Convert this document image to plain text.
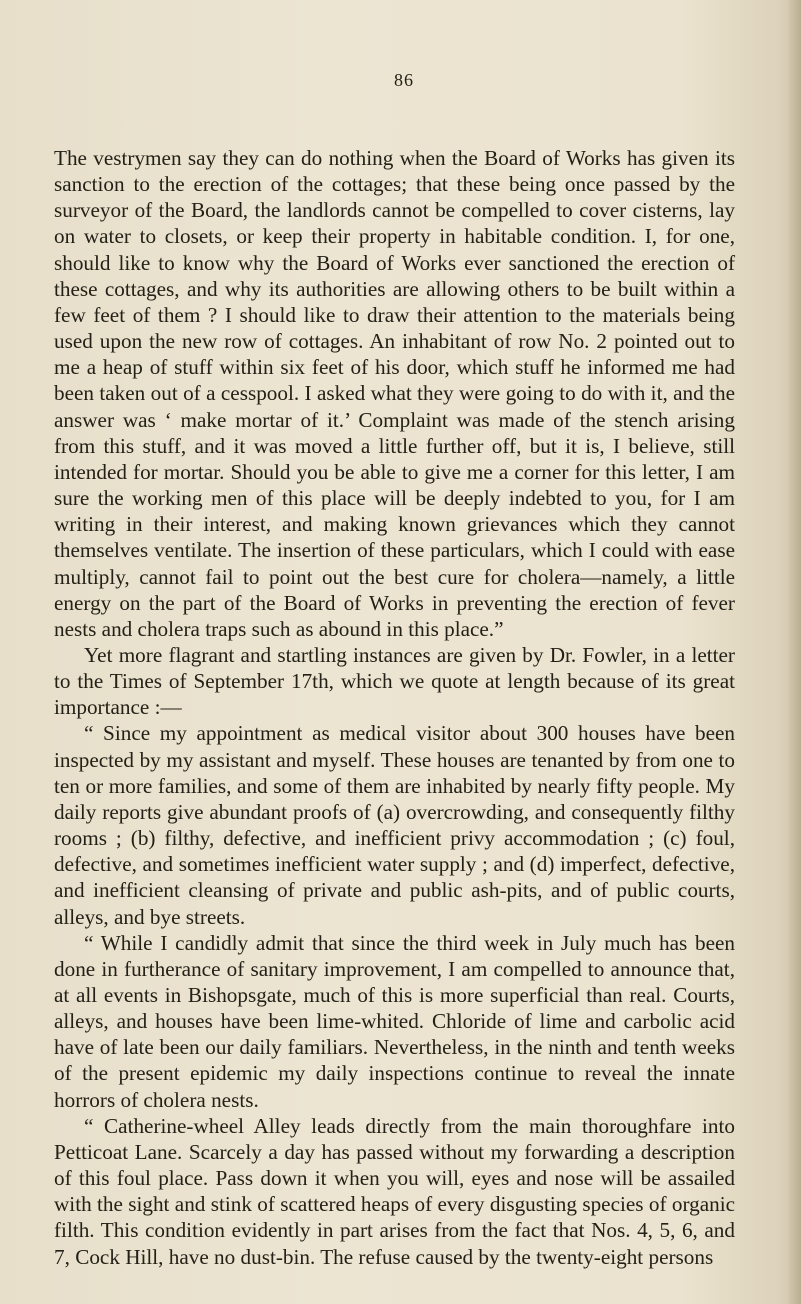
86

The vestrymen say they can do nothing when the Board of Works has given its sanction to the erection of the cottages; that these being once passed by the surveyor of the Board, the landlords cannot be compelled to cover cisterns, lay on water to closets, or keep their property in habitable condition. I, for one, should like to know why the Board of Works ever sanctioned the erection of these cottages, and why its authorities are allowing others to be built within a few feet of them ? I should like to draw their attention to the materials being used upon the new row of cottages. An inhabitant of row No. 2 pointed out to me a heap of stuff within six feet of his door, which stuff he informed me had been taken out of a cesspool. I asked what they were going to do with it, and the answer was ‘ make mortar of it.’ Complaint was made of the stench arising from this stuff, and it was moved a little further off, but it is, I believe, still intended for mortar. Should you be able to give me a corner for this letter, I am sure the working men of this place will be deeply indebted to you, for I am writing in their interest, and making known grievances which they cannot themselves ventilate. The insertion of these particulars, which I could with ease multiply, cannot fail to point out the best cure for cholera—namely, a little energy on the part of the Board of Works in preventing the erection of fever nests and cholera traps such as abound in this place.”

Yet more flagrant and startling instances are given by Dr. Fowler, in a letter to the Times of September 17th, which we quote at length because of its great importance :—

“ Since my appointment as medical visitor about 300 houses have been inspected by my assistant and myself. These houses are tenanted by from one to ten or more families, and some of them are inhabited by nearly fifty people. My daily reports give abundant proofs of (a) overcrowding, and consequently filthy rooms ; (b) filthy, defective, and inefficient privy accommodation ; (c) foul, defective, and sometimes inefficient water supply ; and (d) imperfect, defective, and inefficient cleansing of private and public ash-pits, and of public courts, alleys, and bye streets.

“ While I candidly admit that since the third week in July much has been done in furtherance of sanitary improvement, I am compelled to announce that, at all events in Bishopsgate, much of this is more superficial than real. Courts, alleys, and houses have been lime-whited. Chloride of lime and carbolic acid have of late been our daily familiars. Nevertheless, in the ninth and tenth weeks of the present epidemic my daily inspections continue to reveal the innate horrors of cholera nests.

“ Catherine-wheel Alley leads directly from the main thoroughfare into Petticoat Lane. Scarcely a day has passed without my forwarding a description of this foul place. Pass down it when you will, eyes and nose will be assailed with the sight and stink of scattered heaps of every disgusting species of organic filth. This condition evidently in part arises from the fact that Nos. 4, 5, 6, and 7, Cock Hill, have no dust-bin. The refuse caused by the twenty-eight persons
